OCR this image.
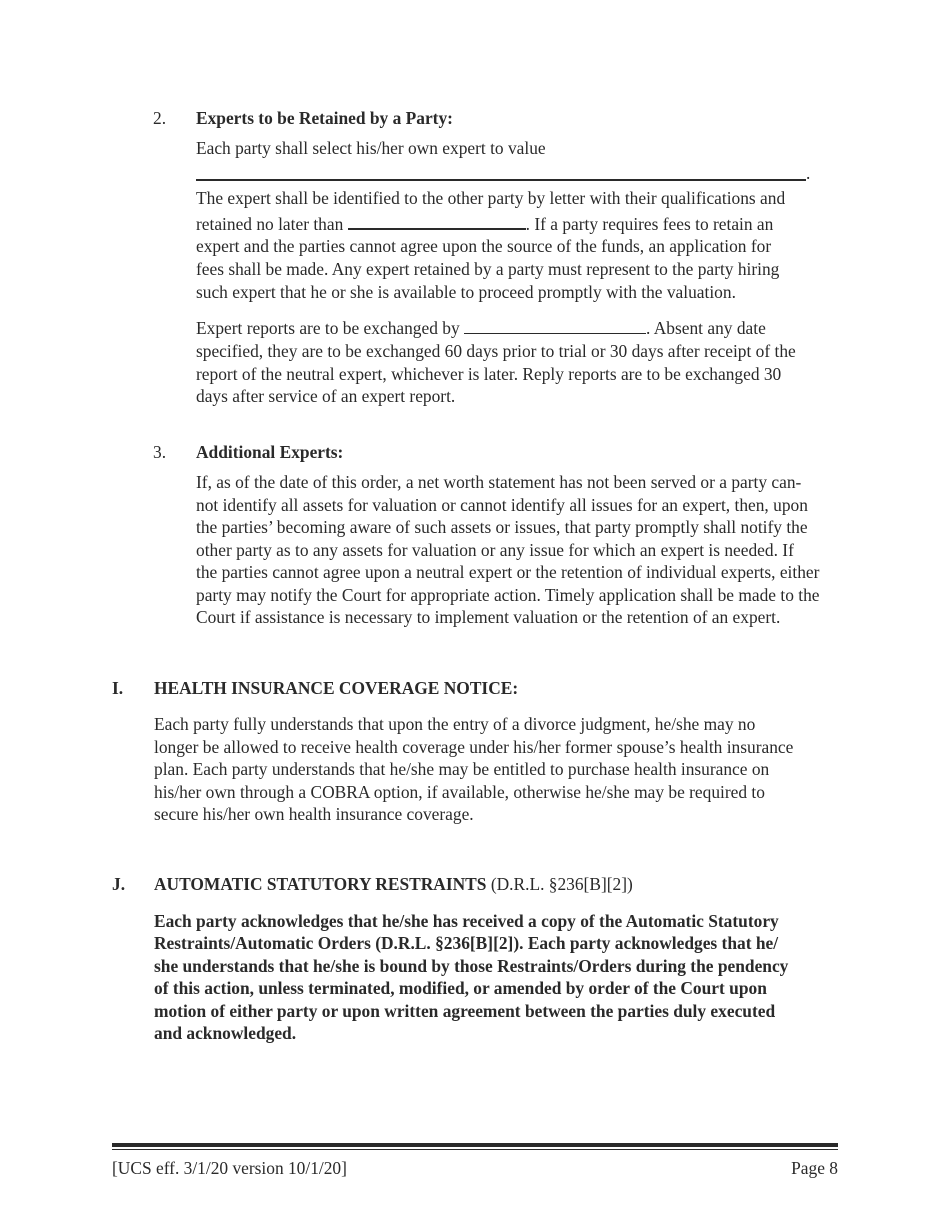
2. Experts to be Retained by a Party:
Each party shall select his/her own expert to value
.
The expert shall be identified to the other party by letter with their qualifications and
retained no later than	. If a party requires fees to retain an
expert and the parties cannot agree upon the source of the funds, an application for
fees shall be made. Any expert retained by a party must represent to the party hiring
such expert that he or she is available to proceed promptly with the valuation.
Expert reports are to be exchanged by	. Absent any date
specified, they are to be exchanged 60 days prior to trial or 30 days after receipt of the
report of the neutral expert, whichever is later. Reply reports are to be exchanged 30
days after service of an expert report.
3. Additional Experts:
If, as of the date of this order, a net worth statement has not been served or a party can-
not identify all assets for valuation or cannot identify all issues for an expert, then, upon
the parties’ becoming aware of such assets or issues, that party promptly shall notify the
other party as to any assets for valuation or any issue for which an expert is needed. If
the parties cannot agree upon a neutral expert or the retention of individual experts, either
party may notify the Court for appropriate action. Timely application shall be made to the
Court if assistance is necessary to implement valuation or the retention of an expert.
I. HEALTH INSURANCE COVERAGE NOTICE:
Each party fully understands that upon the entry of a divorce judgment, he/she may no
longer be allowed to receive health coverage under his/her former spouse’s health insurance
plan. Each party understands that he/she may be entitled to purchase health insurance on
his/her own through a COBRA option, if available, otherwise he/she may be required to
secure his/her own health insurance coverage.
J. AUTOMATIC STATUTORY RESTRAINTS (D.R.L. §236[B][2])
Each party acknowledges that he/she has received a copy of the Automatic Statutory
Restraints/Automatic Orders (D.R.L. §236[B][2]). Each party acknowledges that he/
she understands that he/she is bound by those Restraints/Orders during the pendency
of this action, unless terminated, modified, or amended by order of the Court upon
motion of either party or upon written agreement between the parties duly executed
and acknowledged.
[UCS eff. 3/1/20 version 10/1/20]	Page 8
